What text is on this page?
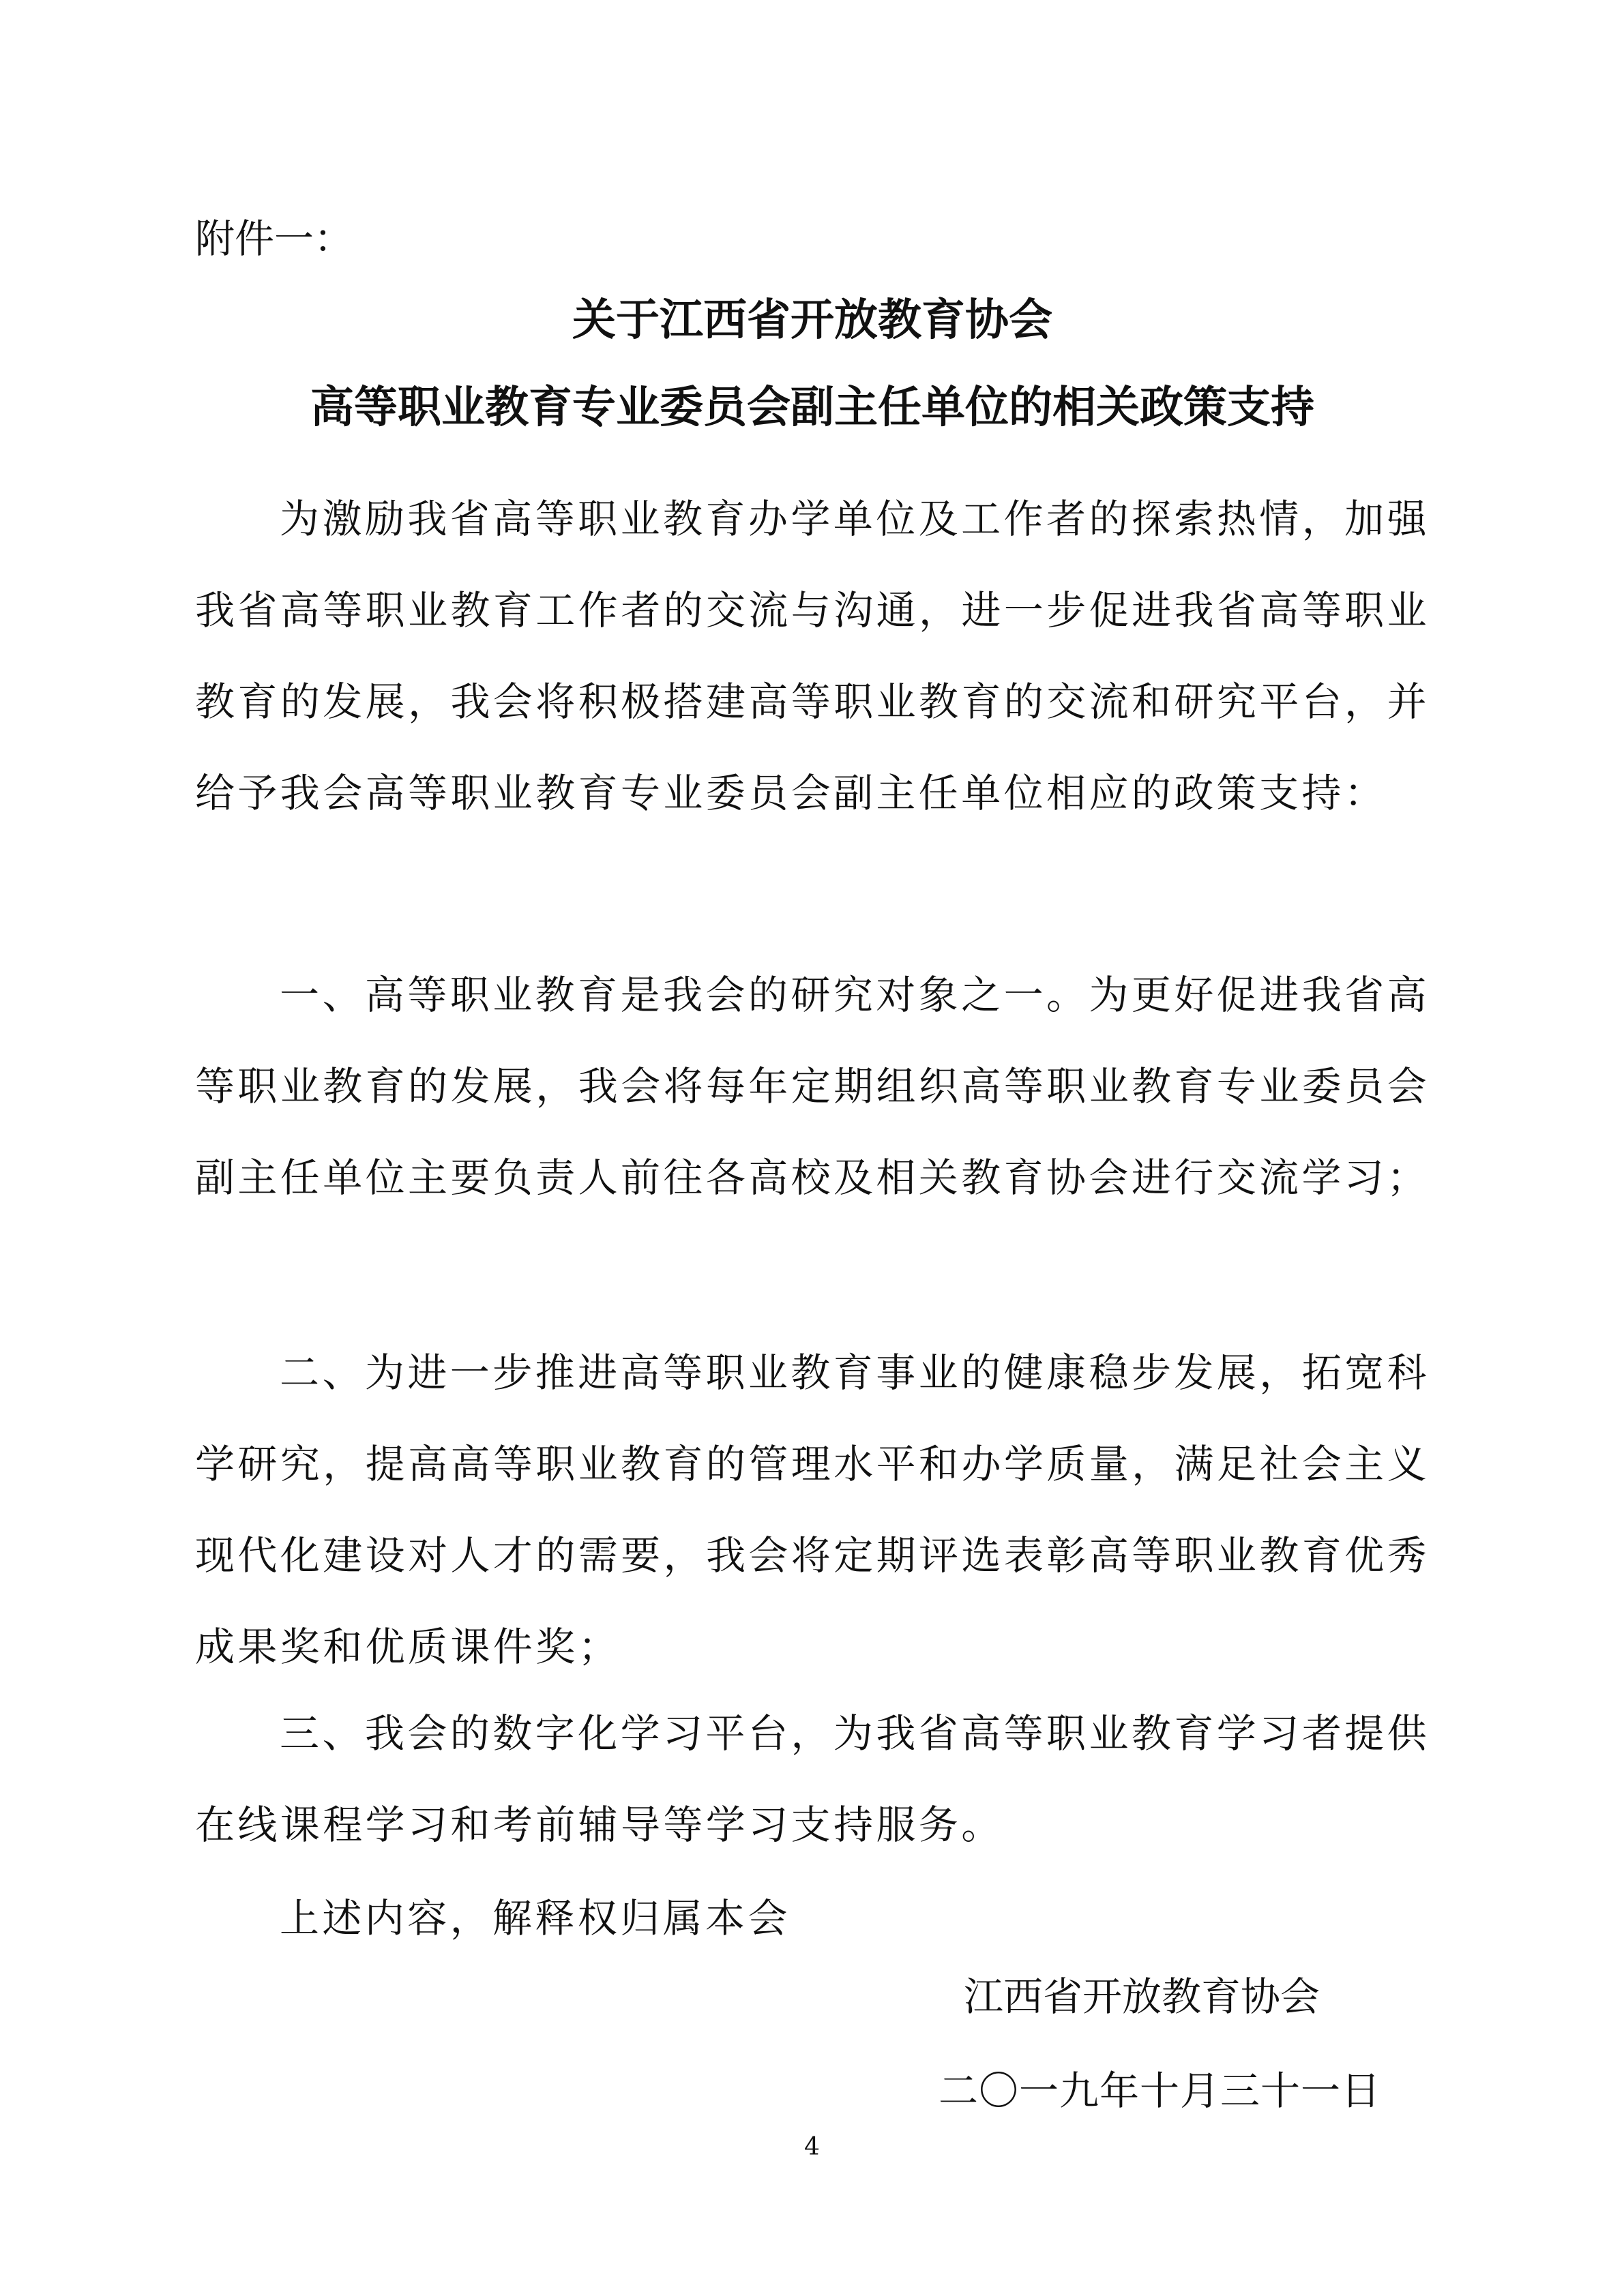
附件一：
关于江西省开放教育协会
高等职业教育专业委员会副主任单位的相关政策支持

为激励我省高等职业教育办学单位及工作者的探索热情，加强我省高等职业教育工作者的交流与沟通，进一步促进我省高等职业教育的发展，我会将积极搭建高等职业教育的交流和研究平台，并给予我会高等职业教育专业委员会副主任单位相应的政策支持：

一、高等职业教育是我会的研究对象之一。为更好促进我省高等职业教育的发展，我会将每年定期组织高等职业教育专业委员会副主任单位主要负责人前往各高校及相关教育协会进行交流学习；

二、为进一步推进高等职业教育事业的健康稳步发展，拓宽科学研究，提高高等职业教育的管理水平和办学质量，满足社会主义现代化建设对人才的需要，我会将定期评选表彰高等职业教育优秀成果奖和优质课件奖；

三、我会的数字化学习平台，为我省高等职业教育学习者提供在线课程学习和考前辅导等学习支持服务。

上述内容，解释权归属本会

江西省开放教育协会
二〇一九年十月三十一日
4
